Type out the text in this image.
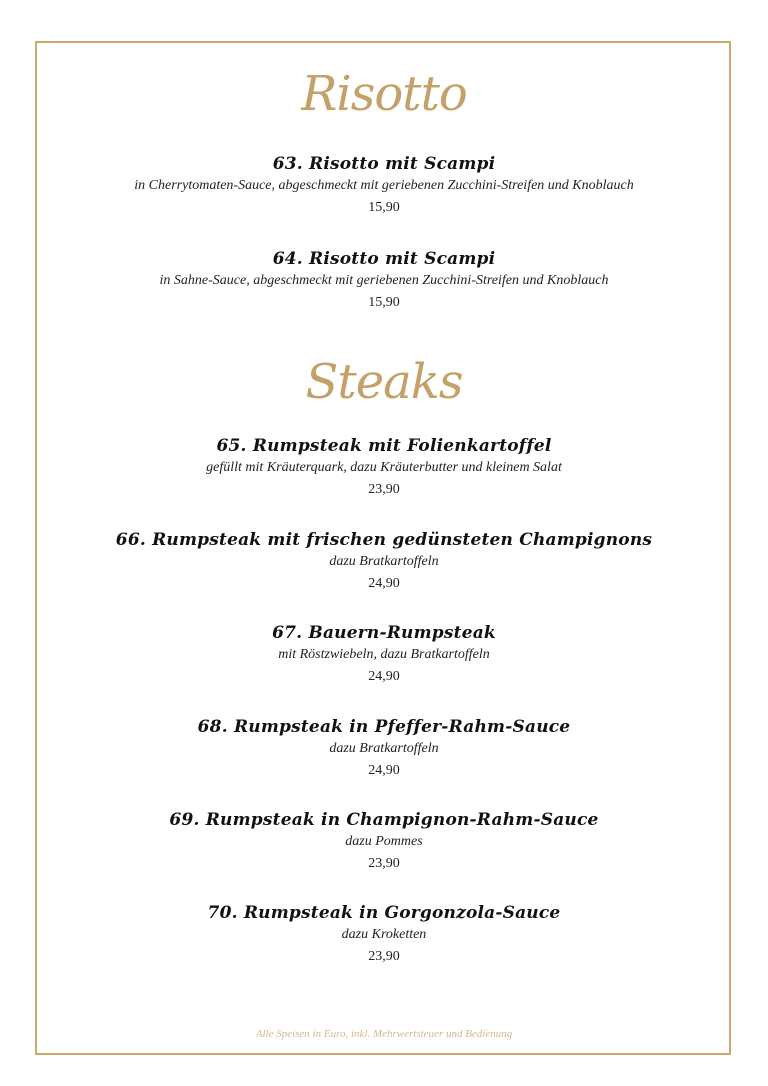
Risotto
63. Risotto mit Scampi
in Cherrytomaten-Sauce, abgeschmeckt mit geriebenen Zucchini-Streifen und Knoblauch
15,90
64. Risotto mit Scampi
in Sahne-Sauce, abgeschmeckt mit geriebenen Zucchini-Streifen und Knoblauch
15,90
Steaks
65. Rumpsteak mit Folienkartoffel
gefüllt mit Kräuterquark, dazu Kräuterbutter und kleinem Salat
23,90
66. Rumpsteak mit frischen gedünsteten Champignons
dazu Bratkartoffeln
24,90
67. Bauern-Rumpsteak
mit Röstzwiebeln, dazu Bratkartoffeln
24,90
68. Rumpsteak in Pfeffer-Rahm-Sauce
dazu Bratkartoffeln
24,90
69. Rumpsteak in Champignon-Rahm-Sauce
dazu Pommes
23,90
70. Rumpsteak in Gorgonzola-Sauce
dazu Kroketten
23,90
Alle Speisen in Euro, inkl. Mehrwertsteuer und Bedienung
